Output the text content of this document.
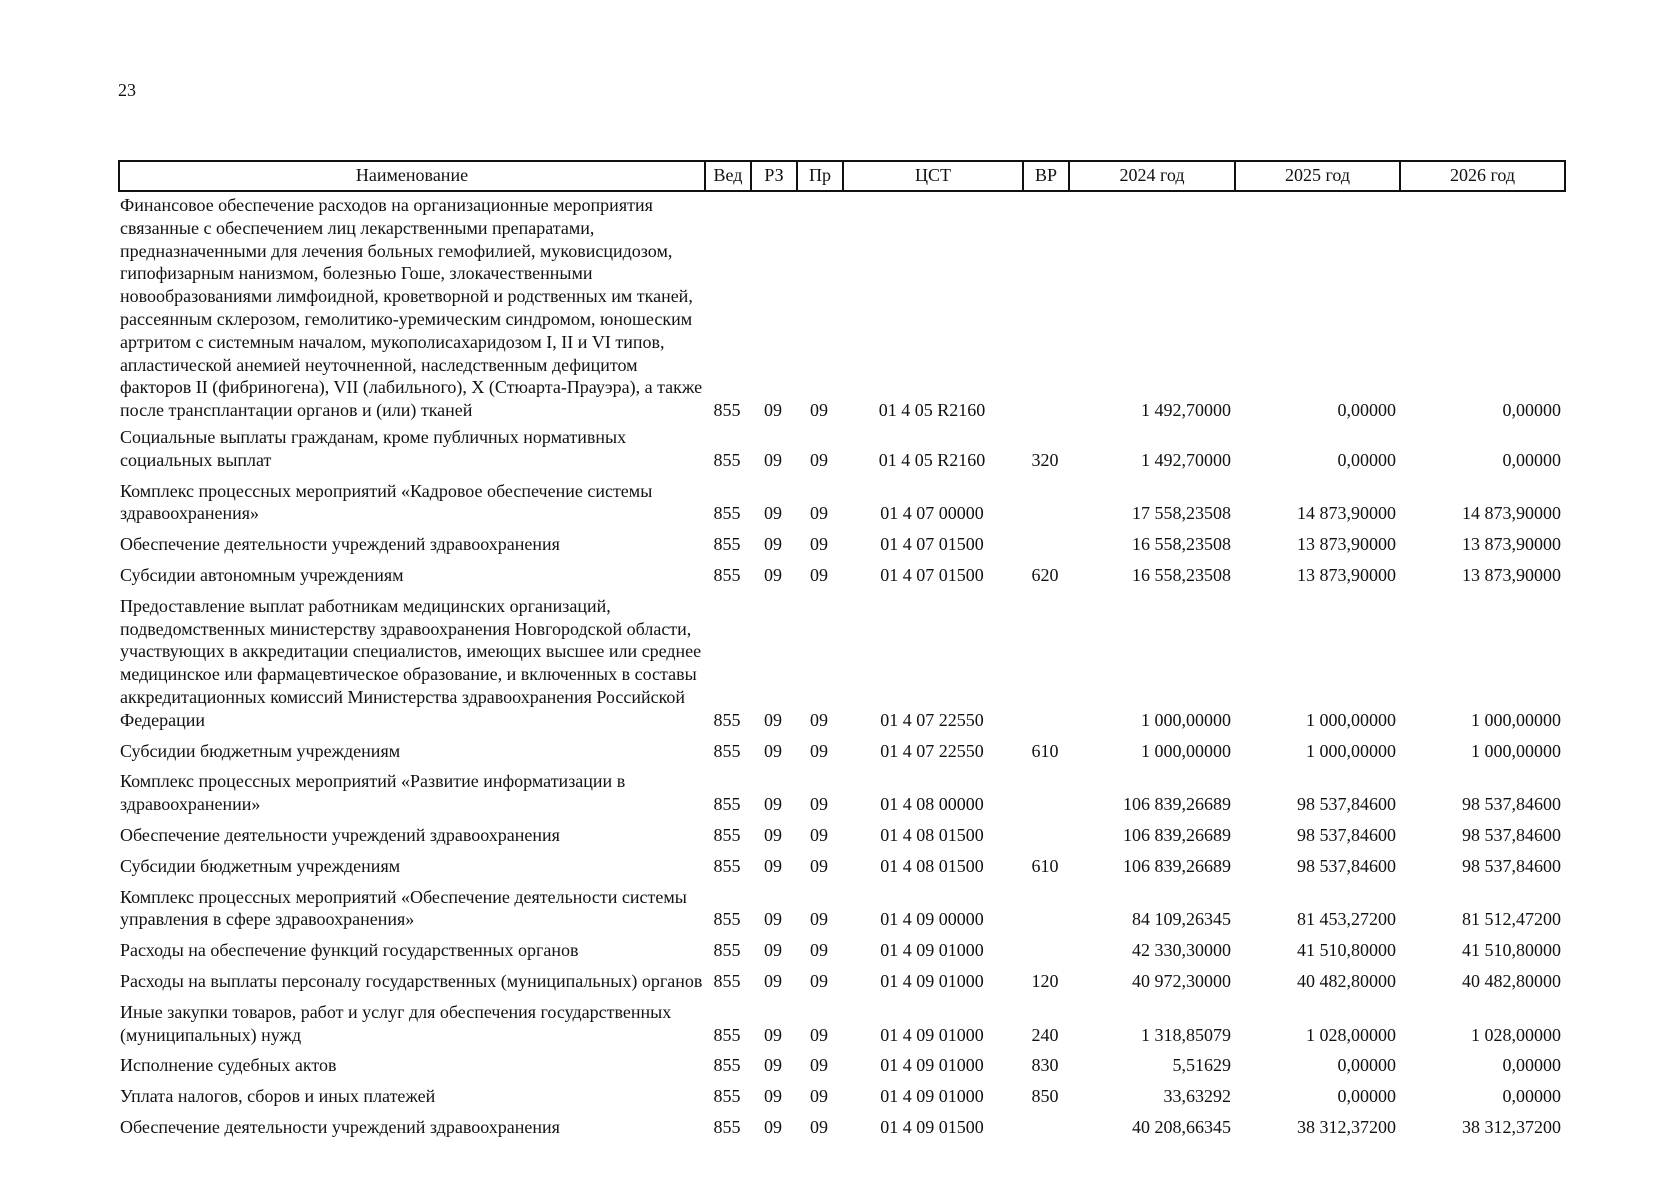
23
Наименование	Вед	РЗ	Пр	ЦСТ	ВР	2024 год	2025 год	2026 год
Финансовое обеспечение расходов на организационные мероприятия связанные с обеспечением лиц лекарственными препаратами, предназначенными для лечения больных гемофилией, муковисцидозом, гипофизарным нанизмом, болезнью Гоше, злокачественными новообразованиями лимфоидной, кроветворной и родственных им тканей, рассеянным склерозом, гемолитико-уремическим синдромом, юношеским артритом с системным началом, мукополисахаридозом I, II и VI типов, апластической анемией неуточненной, наследственным дефицитом факторов II (фибриногена), VII (лабильного), X (Стюарта-Прауэра), а также после трансплантации органов и (или) тканей	855	09	09	01 4 05 R2160		1 492,70000	0,00000	0,00000
Социальные выплаты гражданам, кроме публичных нормативных социальных выплат	855	09	09	01 4 05 R2160	320	1 492,70000	0,00000	0,00000
Комплекс процессных мероприятий «Кадровое обеспечение системы здравоохранения»	855	09	09	01 4 07 00000		17 558,23508	14 873,90000	14 873,90000
Обеспечение деятельности учреждений здравоохранения	855	09	09	01 4 07 01500		16 558,23508	13 873,90000	13 873,90000
Субсидии автономным учреждениям	855	09	09	01 4 07 01500	620	16 558,23508	13 873,90000	13 873,90000
Предоставление выплат работникам медицинских организаций, подведомственных министерству здравоохранения Новгородской области, участвующих в аккредитации специалистов, имеющих высшее или среднее медицинское или фармацевтическое образование, и включенных в составы аккредитационных комиссий Министерства здравоохранения Российской Федерации	855	09	09	01 4 07 22550		1 000,00000	1 000,00000	1 000,00000
Субсидии бюджетным учреждениям	855	09	09	01 4 07 22550	610	1 000,00000	1 000,00000	1 000,00000
Комплекс процессных мероприятий «Развитие информатизации в здравоохранении»	855	09	09	01 4 08 00000		106 839,26689	98 537,84600	98 537,84600
Обеспечение деятельности учреждений здравоохранения	855	09	09	01 4 08 01500		106 839,26689	98 537,84600	98 537,84600
Субсидии бюджетным учреждениям	855	09	09	01 4 08 01500	610	106 839,26689	98 537,84600	98 537,84600
Комплекс процессных мероприятий «Обеспечение деятельности системы управления в сфере здравоохранения»	855	09	09	01 4 09 00000		84 109,26345	81 453,27200	81 512,47200
Расходы на обеспечение функций государственных органов	855	09	09	01 4 09 01000		42 330,30000	41 510,80000	41 510,80000
Расходы на выплаты персоналу государственных (муниципальных) органов	855	09	09	01 4 09 01000	120	40 972,30000	40 482,80000	40 482,80000
Иные закупки товаров, работ и услуг для обеспечения государственных (муниципальных) нужд	855	09	09	01 4 09 01000	240	1 318,85079	1 028,00000	1 028,00000
Исполнение судебных актов	855	09	09	01 4 09 01000	830	5,51629	0,00000	0,00000
Уплата налогов, сборов и иных платежей	855	09	09	01 4 09 01000	850	33,63292	0,00000	0,00000
Обеспечение деятельности учреждений здравоохранения	855	09	09	01 4 09 01500		40 208,66345	38 312,37200	38 312,37200
